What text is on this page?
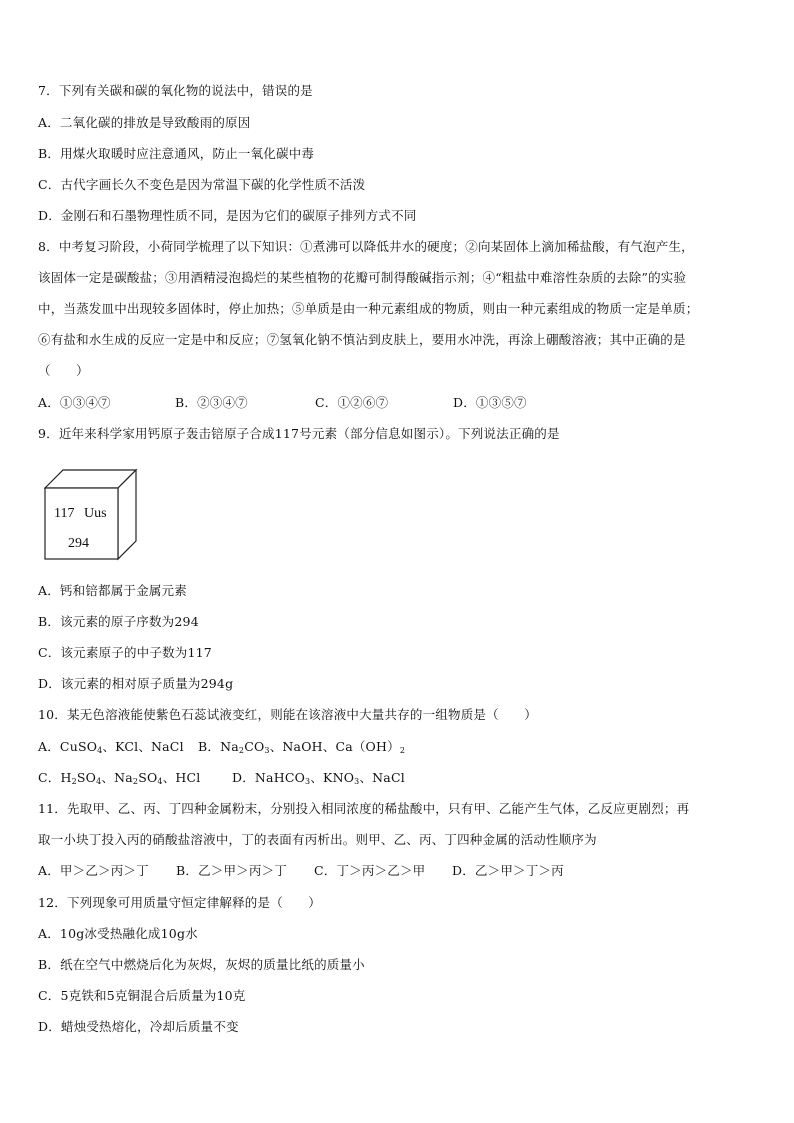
7．下列有关碳和碳的氧化物的说法中，错误的是
A．二氧化碳的排放是导致酸雨的原因
B．用煤火取暖时应注意通风，防止一氧化碳中毒
C．古代字画长久不变色是因为常温下碳的化学性质不活泼
D．金刚石和石墨物理性质不同，是因为它们的碳原子排列方式不同
8．中考复习阶段，小荷同学梳理了以下知识：①煮沸可以降低井水的硬度；②向某固体上滴加稀盐酸，有气泡产生，
该固体一定是碳酸盐；③用酒精浸泡捣烂的某些植物的花瓣可制得酸碱指示剂；④“粗盐中难溶性杂质的去除”的实验
中，当蒸发皿中出现较多固体时，停止加热；⑤单质是由一种元素组成的物质，则由一种元素组成的物质一定是单质；
⑥有盐和水生成的反应一定是中和反应；⑦氢氧化钠不慎沾到皮肤上，要用水冲洗，再涂上硼酸溶液；其中正确的是
（　　）
A．①③④⑦	B．②③④⑦	C．①②⑥⑦	D．①③⑤⑦
9．近年来科学家用钙原子轰击锫原子合成117号元素（部分信息如图示）。下列说法正确的是
117 Uus
294
A．钙和锫都属于金属元素
B．该元素的原子序数为294
C．该元素原子的中子数为117
D．该元素的相对原子质量为294g
10．某无色溶液能使紫色石蕊试液变红，则能在该溶液中大量共存的一组物质是（　　）
A．CuSO$_4$、KCl、NaCl B．$Na_2CO_3$、NaOH、$Ca(OH)_2$
C．$H_2SO_4$、$Na_2SO_4$、HCl	D．NaHCO$_3$、$KNO_3$、NaCl
11．先取甲、乙、丙、丁四种金属粉末，分别投入相同浓度的稀盐酸中，只有甲、乙能产生气体，乙反应更剧烈；再
取一小块丁投入丙的硝酸盐溶液中，丁的表面有丙析出。则甲、乙、丙、丁四种金属的活动性顺序为
A．甲＞乙＞丙＞丁 B．乙＞甲＞丙＞丁 C．丁＞丙＞乙＞甲 D．乙＞甲＞丁＞丙
12．下列现象可用质量守恒定律解释的是（　　）
A．10g冰受热融化成10g水
B．纸在空气中燃烧后化为灰烬，灰烬的质量比纸的质量小
C．5克铁和5克铜混合后质量为10克
D．蜡烛受热熔化，冷却后质量不变
